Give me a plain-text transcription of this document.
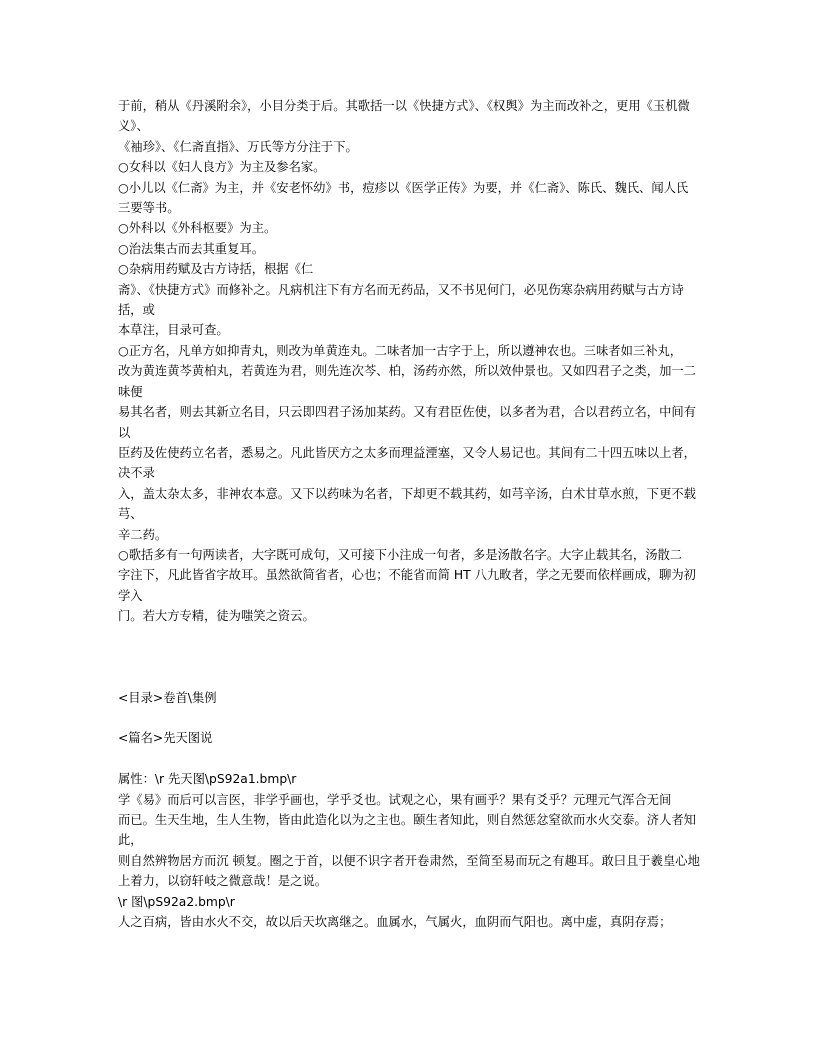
于前，稍从《丹溪附余》，小目分类于后。其歌括一以《快捷方式》、《权舆》为主而改补之，更用《玉机微义》、

《袖珍》、《仁斋直指》、万氏等方分注于下。

○女科以《妇人良方》为主及参名家。

○小儿以《仁斋》为主，并《安老怀幼》书，痘疹以《医学正传》为要，并《仁斋》、陈氏、魏氏、闻人氏

三要等书。

○外科以《外科枢要》为主。

○治法集古而去其重复耳。

○杂病用药赋及古方诗括，根据《仁

斋》、《快捷方式》而修补之。凡病机注下有方名而无药品，又不书见何门，必见伤寒杂病用药赋与古方诗括，或

本草注，目录可查。

○正方名，凡单方如抑青丸，则改为单黄连丸。二味者加一古字于上，所以遵神农也。三味者如三补丸，

改为黄连黄芩黄柏丸，若黄连为君，则先连次芩、柏，汤药亦然，所以效仲景也。又如四君子之类，加一二味便

易其名者，则去其新立名目，只云即四君子汤加某药。又有君臣佐使，以多者为君，合以君药立名，中间有以

臣药及佐使药立名者，悉易之。凡此皆厌方之太多而理益湮塞，又令人易记也。其间有二十四五味以上者，决不录

入，盖太杂太多，非神农本意。又下以药味为名者，下却更不载其药，如芎辛汤，白术甘草水煎，下更不载芎、

辛二药。

○歌括多有一句两读者，大字既可成句，又可接下小注成一句者，多是汤散名字。大字止载其名，汤散二

字注下，凡此皆省字故耳。虽然欲简省者，心也；不能省而简 HT 八九畋者，学之无要而依样画成，聊为初学入

门。若大方专精，徒为嗤笑之资云。

<目录>卷首\集例

<篇名>先天图说

属性：\r 先天图\pS92a1.bmp\r

学《易》而后可以言医，非学乎画也，学乎爻也。试观之心，果有画乎？果有爻乎？元理元气浑合无间

而已。生天生地，生人生物，皆由此造化以为之主也。颐生者知此，则自然惩忿窒欲而水火交泰。济人者知此，

则自然辨物居方而沉 顿复。圈之于首，以便不识字者开卷肃然，至简至易而玩之有趣耳。敢曰且于羲皇心地

上着力，以窃轩岐之微意哉！是之说。

\r 图\pS92a2.bmp\r

人之百病，皆由水火不交，故以后天坎离继之。血属水，气属火，血阴而气阳也。离中虚，真阴存焉；
